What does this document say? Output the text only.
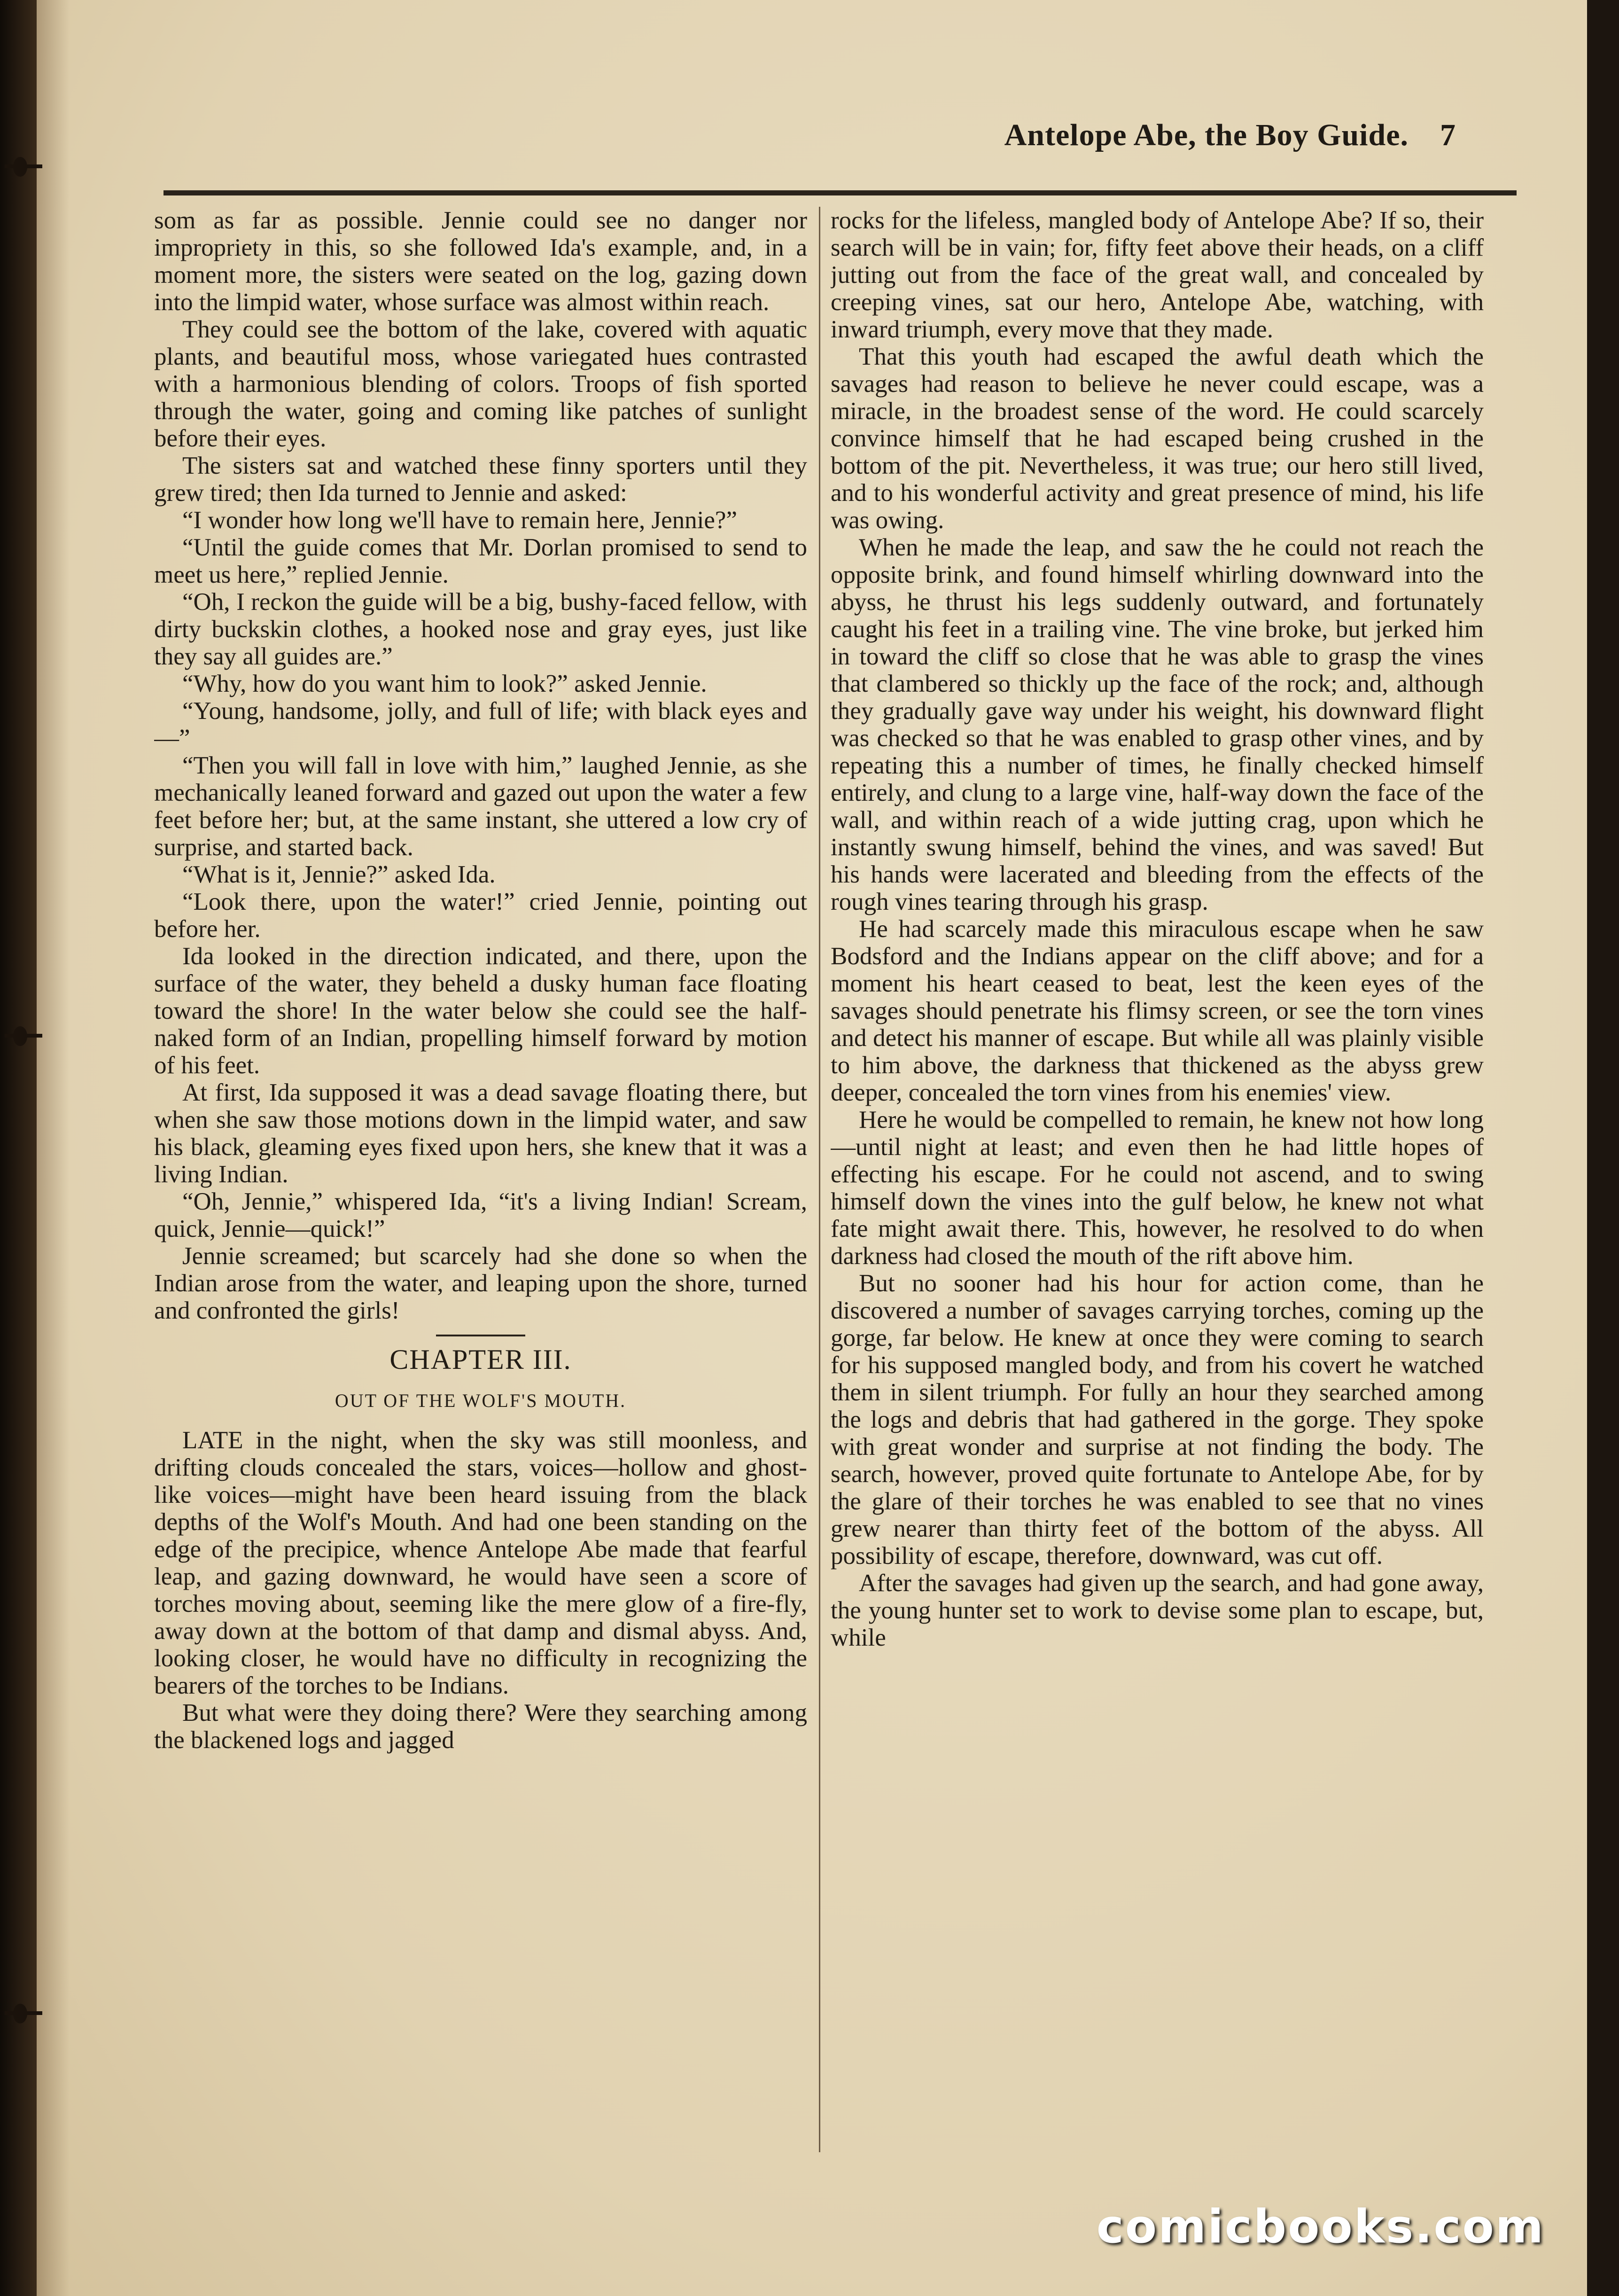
Antelope Abe, the Boy Guide. 7

som as far as possible. Jennie could see no danger nor impropriety in this, so she followed Ida's example, and, in a moment more, the sisters were seated on the log, gazing down into the limpid water, whose surface was almost within reach.

They could see the bottom of the lake, covered with aquatic plants, and beautiful moss, whose variegated hues contrasted with a harmonious blending of colors. Troops of fish sported through the water, going and coming like patches of sunlight before their eyes.

The sisters sat and watched these finny sporters until they grew tired; then Ida turned to Jennie and asked:

“I wonder how long we'll have to remain here, Jennie?”

“Until the guide comes that Mr. Dorlan promised to send to meet us here,” replied Jennie.

“Oh, I reckon the guide will be a big, bushy-faced fellow, with dirty buckskin clothes, a hooked nose and gray eyes, just like they say all guides are.”

“Why, how do you want him to look?” asked Jennie.

“Young, handsome, jolly, and full of life; with black eyes and—”

“Then you will fall in love with him,” laughed Jennie, as she mechanically leaned forward and gazed out upon the water a few feet before her; but, at the same instant, she uttered a low cry of surprise, and started back.

“What is it, Jennie?” asked Ida.

“Look there, upon the water!” cried Jennie, pointing out before her.

Ida looked in the direction indicated, and there, upon the surface of the water, they beheld a dusky human face floating toward the shore! In the water below she could see the half-naked form of an Indian, propelling himself forward by motion of his feet.

At first, Ida supposed it was a dead savage floating there, but when she saw those motions down in the limpid water, and saw his black, gleaming eyes fixed upon hers, she knew that it was a living Indian.

“Oh, Jennie,” whispered Ida, “it's a living Indian! Scream, quick, Jennie—quick!”

Jennie screamed; but scarcely had she done so when the Indian arose from the water, and leaping upon the shore, turned and confronted the girls!

CHAPTER III.
OUT OF THE WOLF'S MOUTH.

LATE in the night, when the sky was still moonless, and drifting clouds concealed the stars, voices—hollow and ghost-like voices—might have been heard issuing from the black depths of the Wolf's Mouth. And had one been standing on the edge of the precipice, whence Antelope Abe made that fearful leap, and gazing downward, he would have seen a score of torches moving about, seeming like the mere glow of a fire-fly, away down at the bottom of that damp and dismal abyss. And, looking closer, he would have no difficulty in recognizing the bearers of the torches to be Indians.

But what were they doing there? Were they searching among the blackened logs and jagged

rocks for the lifeless, mangled body of Antelope Abe? If so, their search will be in vain; for, fifty feet above their heads, on a cliff jutting out from the face of the great wall, and concealed by creeping vines, sat our hero, Antelope Abe, watching, with inward triumph, every move that they made.

That this youth had escaped the awful death which the savages had reason to believe he never could escape, was a miracle, in the broadest sense of the word. He could scarcely convince himself that he had escaped being crushed in the bottom of the pit. Nevertheless, it was true; our hero still lived, and to his wonderful activity and great presence of mind, his life was owing.

When he made the leap, and saw the he could not reach the opposite brink, and found himself whirling downward into the abyss, he thrust his legs suddenly outward, and fortunately caught his feet in a trailing vine. The vine broke, but jerked him in toward the cliff so close that he was able to grasp the vines that clambered so thickly up the face of the rock; and, although they gradually gave way under his weight, his downward flight was checked so that he was enabled to grasp other vines, and by repeating this a number of times, he finally checked himself entirely, and clung to a large vine, half-way down the face of the wall, and within reach of a wide jutting crag, upon which he instantly swung himself, behind the vines, and was saved! But his hands were lacerated and bleeding from the effects of the rough vines tearing through his grasp.

He had scarcely made this miraculous escape when he saw Bodsford and the Indians appear on the cliff above; and for a moment his heart ceased to beat, lest the keen eyes of the savages should penetrate his flimsy screen, or see the torn vines and detect his manner of escape. But while all was plainly visible to him above, the darkness that thickened as the abyss grew deeper, concealed the torn vines from his enemies' view.

Here he would be compelled to remain, he knew not how long—until night at least; and even then he had little hopes of effecting his escape. For he could not ascend, and to swing himself down the vines into the gulf below, he knew not what fate might await there. This, however, he resolved to do when darkness had closed the mouth of the rift above him.

But no sooner had his hour for action come, than he discovered a number of savages carrying torches, coming up the gorge, far below. He knew at once they were coming to search for his supposed mangled body, and from his covert he watched them in silent triumph. For fully an hour they searched among the logs and debris that had gathered in the gorge. They spoke with great wonder and surprise at not finding the body. The search, however, proved quite fortunate to Antelope Abe, for by the glare of their torches he was enabled to see that no vines grew nearer than thirty feet of the bottom of the abyss. All possibility of escape, therefore, downward, was cut off.

After the savages had given up the search, and had gone away, the young hunter set to work to devise some plan to escape, but, while

comicbooks.com
